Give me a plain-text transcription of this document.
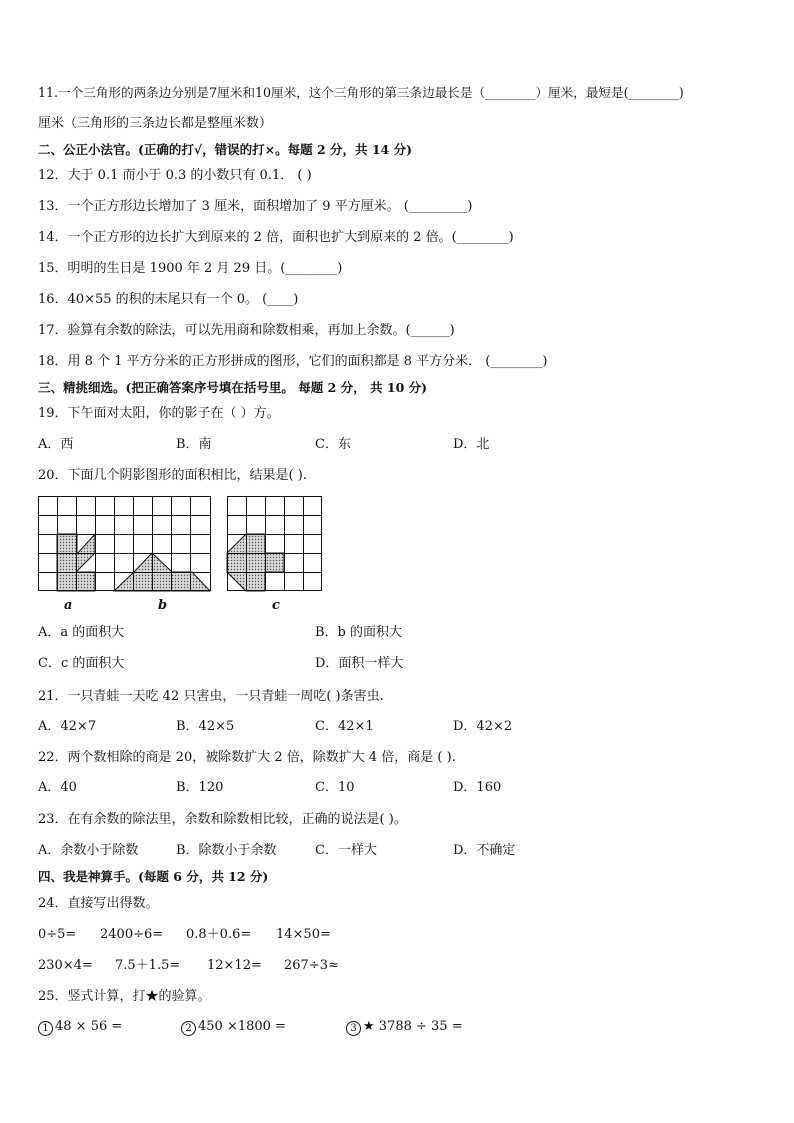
11.一个三角形的两条边分别是7厘米和10厘米，这个三角形的第三条边最长是（________）厘米，最短是(________)
厘米（三角形的三条边长都是整厘米数）
二、公正小法官。(正确的打√，错误的打×。每题 2 分，共 14 分)
12．大于 0.1 而小于 0.3 的小数只有 0.1． ( )
13．一个正方形边长增加了 3 厘米，面积增加了 9 平方厘米。 (_________)
14．一个正方形的边长扩大到原来的 2 倍，面积也扩大到原来的 2 倍。(________)
15．明明的生日是 1900 年 2 月 29 日。(________)
16．40×55 的积的末尾只有一个 0。 (____)
17．验算有余数的除法，可以先用商和除数相乘，再加上余数。(______)
18．用 8 个 1 平方分米的正方形拼成的图形，它们的面积都是 8 平方分米． (________)
三、精挑细选。(把正确答案序号填在括号里。 每题 2 分， 共 10 分)
19．下午面对太阳，你的影子在（ ）方。
A．西	B．南	C．东	D．北
20．下面几个阴影图形的面积相比，结果是( ).
a	b	c
A．a 的面积大	B．b 的面积大
C．c 的面积大	D．面积一样大
21．一只青蛙一天吃 42 只害虫，一只青蛙一周吃( )条害虫.
A．42×7	B．42×5	C．42×1	D．42×2
22．两个数相除的商是 20，被除数扩大 2 倍，除数扩大 4 倍，商是 ( ).
A．40	B．120	C．10	D．160
23．在有余数的除法里，余数和除数相比较，正确的说法是( )。
A．余数小于除数	B．除数小于余数	C．一样大	D．不确定
四、我是神算手。(每题 6 分，共 12 分)
24．直接写出得数。
0÷5= 2400÷6= 0.8＋0.6= 14×50=
230×4= 7.5＋1.5= 12×12= 267÷3≈
25．竖式计算，打★的验算。
1 48 × 56 =	2 450 ×1800 =	3 ★ 3788 ÷ 35 =
